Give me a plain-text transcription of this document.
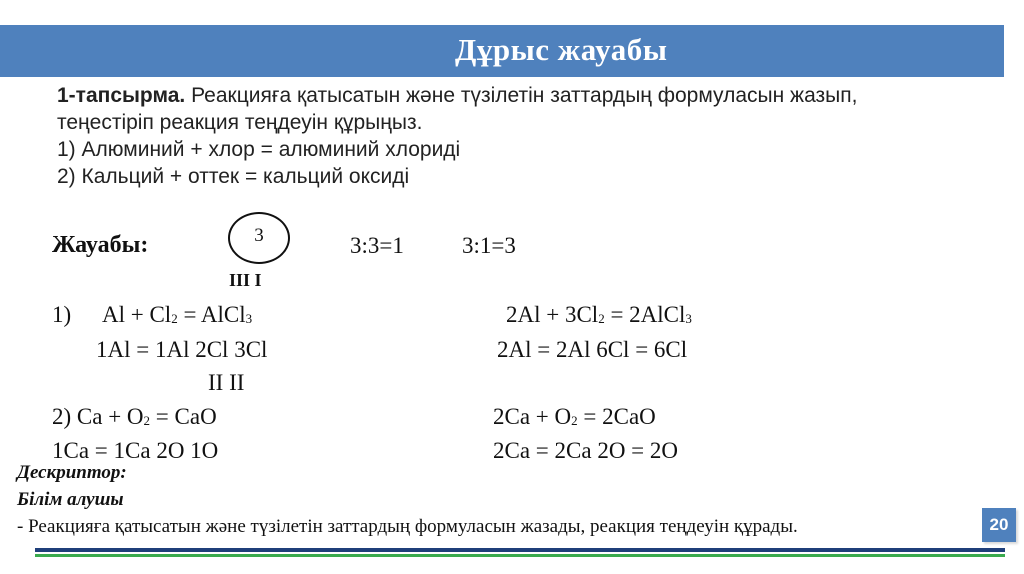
Дұрыс жауабы
1-тапсырма. Реакцияға қатысатын және түзілетін заттардың формуласын жазып,
теңестіріп реакция теңдеуін құрыңыз.
1) Алюминий + хлор = алюминий хлориді
2) Кальций + оттек = кальций оксиді
Жауабы:	3	3:3=1	3:1=3
III I
1) $Al + Cl_2$ = AlCl$_3$	$2Al + 3Cl_2$ = 2AlCl$_3$
1Al = 1Al 2Cl 3Cl	2Al = 2Al 6Cl = 6Cl
II II
2) $Ca + O_2$ = CaO	$2Ca + O_2 = 2CaO$
1Ca = 1Ca 2O 1O	2Ca = 2Ca 2O = 2O
Дескриптор:
Білім алушы
- Реакцияға қатысатын және түзілетін заттардың формуласын жазады, реакция теңдеуін құрады.	20
